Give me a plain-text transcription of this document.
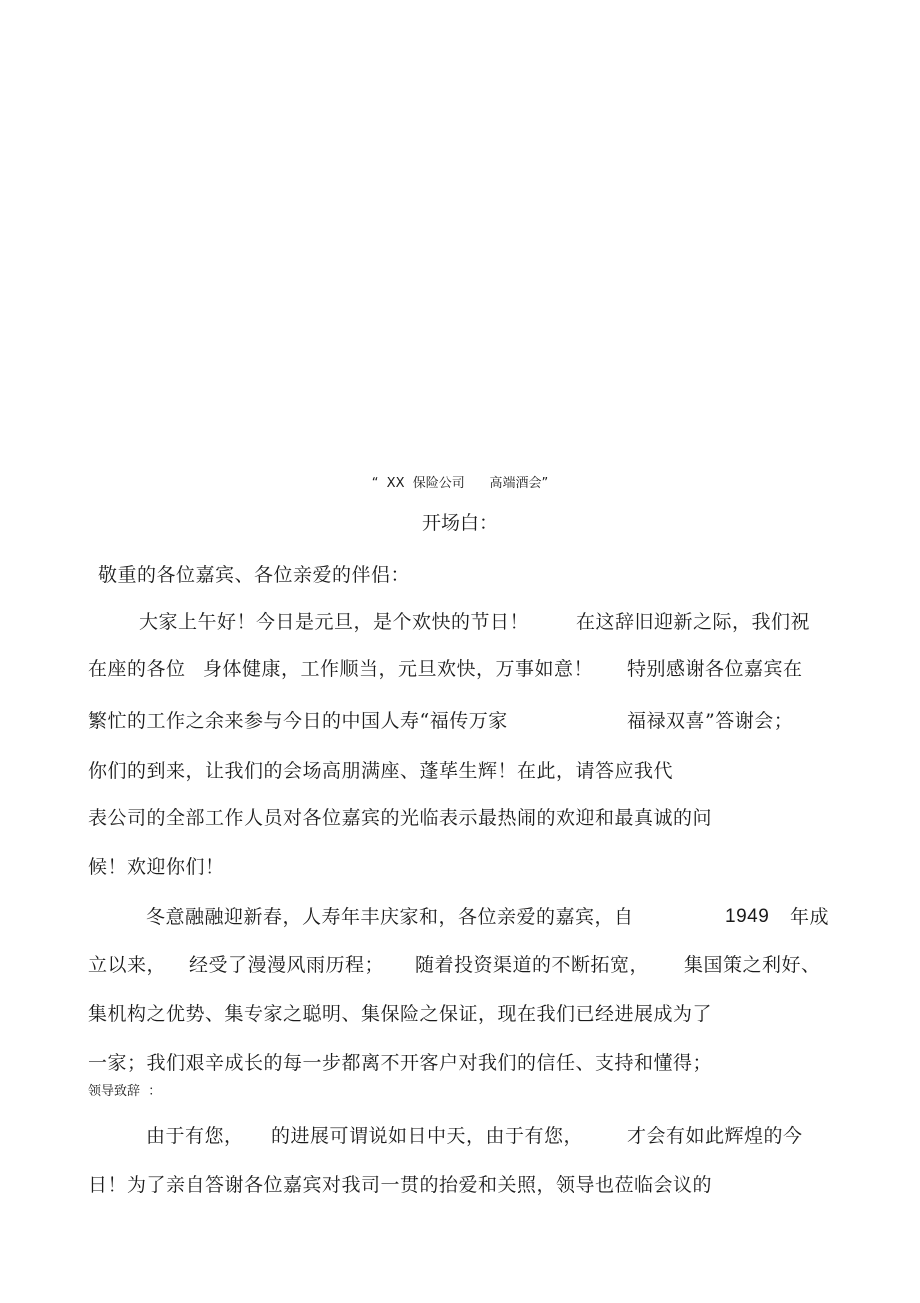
“  XX  保险公司      高端酒会”
开场白：
敬重的各位嘉宾、各位亲爱的伴侣：
大家上午好！今日是元旦，是个欢快的节日！ 在这辞旧迎新之际，我们祝
在座的各位 身体健康，工作顺当，元旦欢快，万事如意！ 特别感谢各位嘉宾在
繁忙的工作之余来参与今日的中国人寿“福传万家	福禄双喜”答谢会；
你们的到来，让我们的会场高朋满座、蓬荜生辉！在此，请答应我代
表公司的全部工作人员对各位嘉宾的光临表示最热闹的欢迎和最真诚的问
候！欢迎你们！
冬意融融迎新春，人寿年丰庆家和，各位亲爱的嘉宾，自	1949 年成
立以来， 经受了漫漫风雨历程； 随着投资渠道的不断拓宽， 集国策之利好、
集机构之优势、集专家之聪明、集保险之保证，现在我们已经进展成为了
一家；我们艰辛成长的每一步都离不开客户对我们的信任、支持和懂得；
领导致辞  ：
由于有您， 的进展可谓说如日中天，由于有您， 才会有如此辉煌的今
日！为了亲自答谢各位嘉宾对我司一贯的抬爱和关照，领导也莅临会议的
